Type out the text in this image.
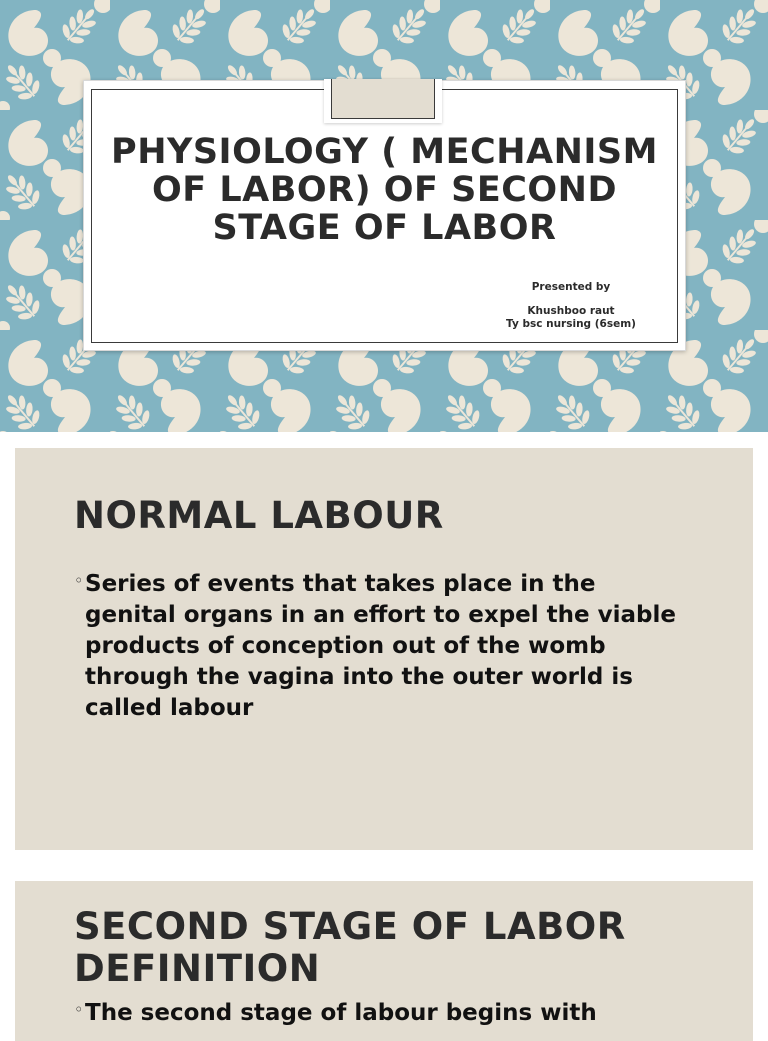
PHYSIOLOGY ( MECHANISM OF LABOR) OF SECOND STAGE OF LABOR
Presented by
Khushboo raut
Ty bsc nursing (6sem)
NORMAL LABOUR
◦ Series of events that takes place in the genital organs in an effort to expel the viable products of conception out of the womb through the vagina into the outer world is called labour
SECOND STAGE OF LABOR DEFINITION
◦ The second stage of labour begins with
